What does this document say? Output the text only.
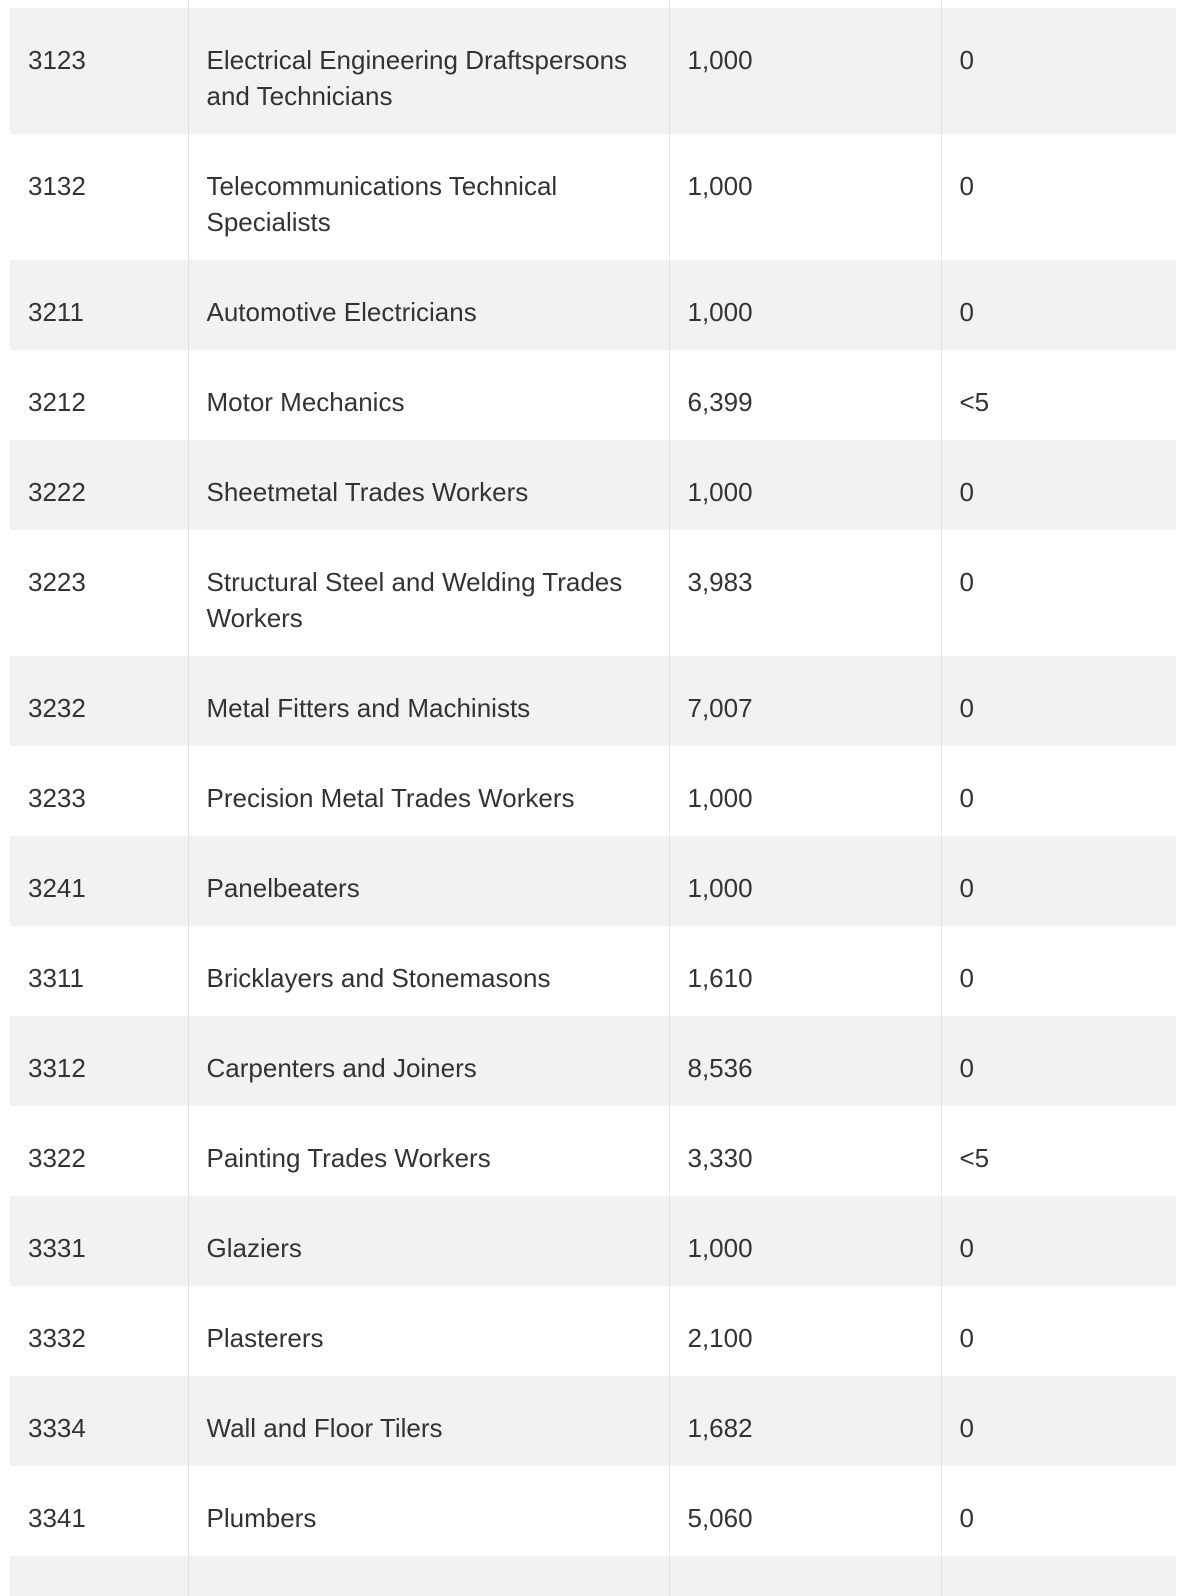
3123	Electrical Engineering Draftspersons and Technicians	1,000	0
3132	Telecommunications Technical Specialists	1,000	0
3211	Automotive Electricians	1,000	0
3212	Motor Mechanics	6,399	<5
3222	Sheetmetal Trades Workers	1,000	0
3223	Structural Steel and Welding Trades Workers	3,983	0
3232	Metal Fitters and Machinists	7,007	0
3233	Precision Metal Trades Workers	1,000	0
3241	Panelbeaters	1,000	0
3311	Bricklayers and Stonemasons	1,610	0
3312	Carpenters and Joiners	8,536	0
3322	Painting Trades Workers	3,330	<5
3331	Glaziers	1,000	0
3332	Plasterers	2,100	0
3334	Wall and Floor Tilers	1,682	0
3341	Plumbers	5,060	0
